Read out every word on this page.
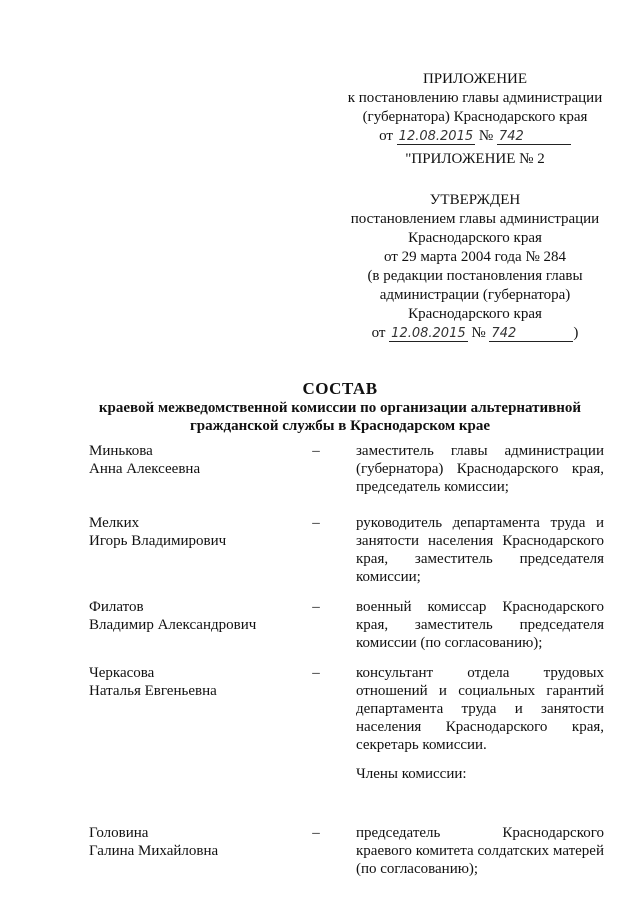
ПРИЛОЖЕНИЕ
к постановлению главы администрации
(губернатора) Краснодарского края
от 12.08.2015 № 742
"ПРИЛОЖЕНИЕ № 2
УТВЕРЖДЕН
постановлением главы администрации
Краснодарского края
от 29 марта 2004 года № 284
(в редакции постановления главы
администрации (губернатора)
Краснодарского края
от 12.08.2015 № 742	)
СОСТАВ
краевой межведомственной комиссии по организации альтернативной
гражданской службы в Краснодарском крае
Минькова
Анна Алексеевна
–	заместитель главы администрации (губернатора) Краснодарского края, председатель комиссии;
Мелких
Игорь Владимирович
–	руководитель департамента труда и занятости населения Краснодарского края, заместитель председателя комиссии;
Филатов
Владимир Александрович
–	военный комиссар Краснодарского края, заместитель председателя комиссии (по согласованию);
Черкасова
Наталья Евгеньевна
–	консультант отдела трудовых отношений и социальных гарантий департамента труда и занятости населения Краснодарского края, секретарь комиссии.
Члены комиссии:
Головина
Галина Михайловна
–	председатель Краснодарского краевого комитета солдатских матерей (по согласованию);
